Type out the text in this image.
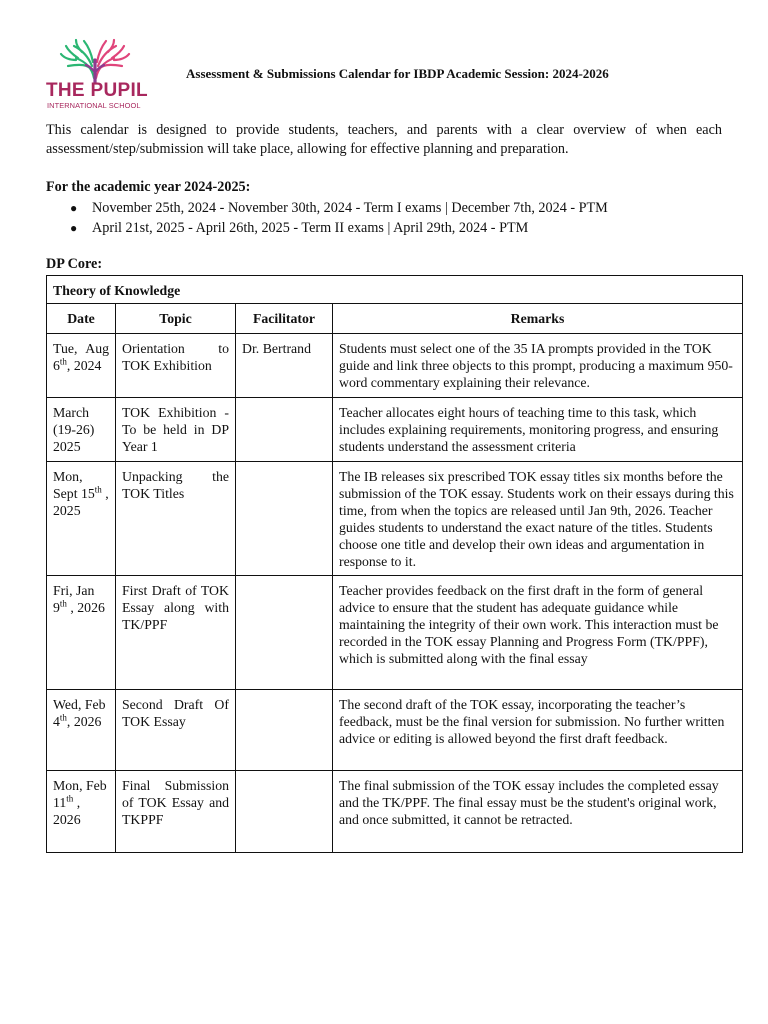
THE PUPIL
INTERNATIONAL SCHOOL
Assessment & Submissions Calendar for IBDP Academic Session: 2024-2026

This calendar is designed to provide students, teachers, and parents with a clear overview of when each assessment/step/submission will take place, allowing for effective planning and preparation.

For the academic year 2024-2025:
● November 25th, 2024 - November 30th, 2024 - Term I exams | December 7th, 2024 - PTM
● April 21st, 2025 - April 26th, 2025 - Term II exams | April 29th, 2024 - PTM
DP Core:
Theory of Knowledge			
Date	Topic	Facilitator	Remarks
Tue, Aug 6th, 2024	Orientation to TOK Exhibition	Dr. Bertrand	Students must select one of the 35 IA prompts provided in the TOK guide and link three objects to this prompt, producing a maximum 950-word commentary explaining their relevance.
March (19-26) 2025	TOK Exhibition -To be held in DP Year 1		Teacher allocates eight hours of teaching time to this task, which includes explaining requirements, monitoring progress, and ensuring students understand the assessment criteria
Mon, Sept 15th , 2025	Unpacking the TOK Titles		The IB releases six prescribed TOK essay titles six months before the submission of the TOK essay. Students work on their essays during this time, from when the topics are released until Jan 9th, 2026. Teacher guides students to understand the exact nature of the titles. Students choose one title and develop their own ideas and argumentation in response to it.
Fri, Jan 9th , 2026	First Draft of TOK Essay along with TK/PPF		Teacher provides feedback on the first draft in the form of general advice to ensure that the student has adequate guidance while maintaining the integrity of their own work. This interaction must be recorded in the TOK essay Planning and Progress Form (TK/PPF), which is submitted along with the final essay
Wed, Feb 4th, 2026	Second Draft Of TOK Essay		The second draft of the TOK essay, incorporating the teacher’s feedback, must be the final version for submission. No further written advice or editing is allowed beyond the first draft feedback.
Mon, Feb 11th , 2026	Final Submission of TOK Essay and TKPPF		The final submission of the TOK essay includes the completed essay and the TK/PPF. The final essay must be the student's original work, and once submitted, it cannot be retracted.
